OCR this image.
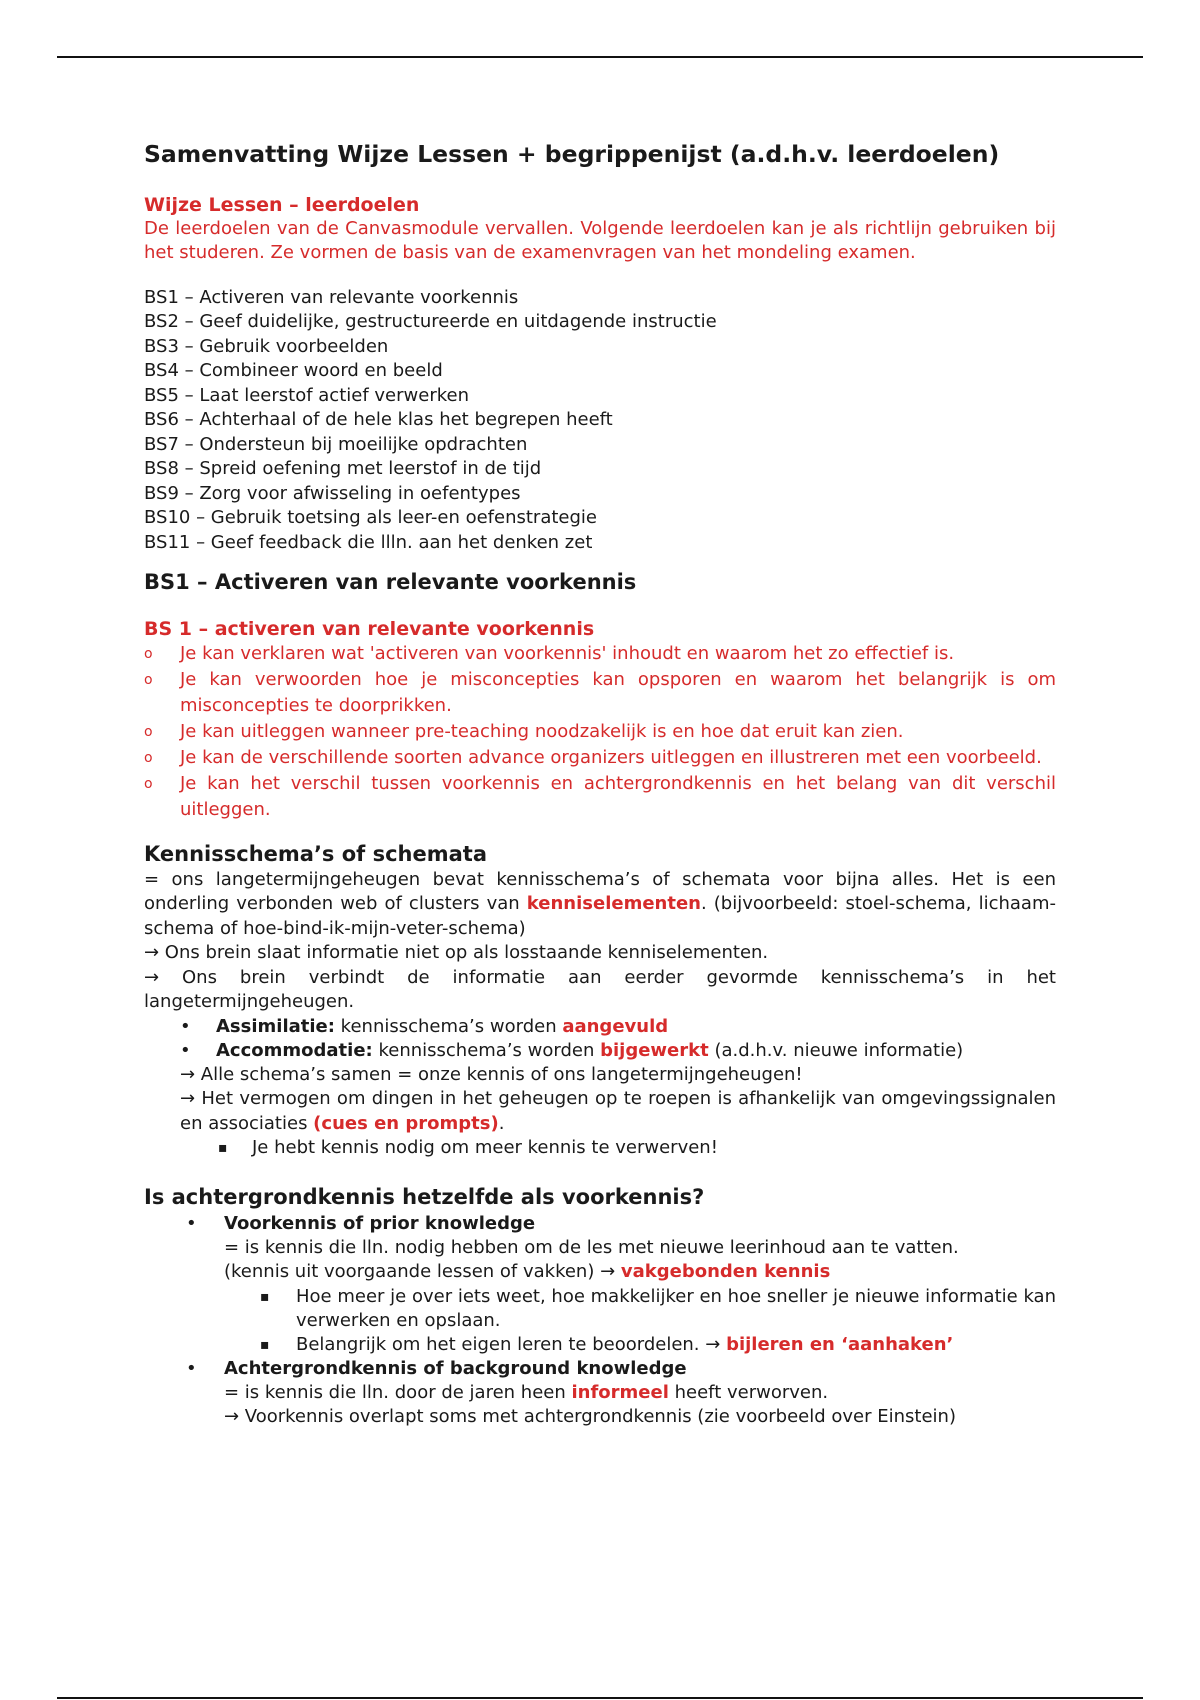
Samenvatting Wijze Lessen + begrippenijst (a.d.h.v. leerdoelen)
Wijze Lessen – leerdoelen
De leerdoelen van de Canvasmodule vervallen. Volgende leerdoelen kan je als richtlijn gebruiken bij het studeren. Ze vormen de basis van de examenvragen van het mondeling examen.
BS1 – Activeren van relevante voorkennis
BS2 – Geef duidelijke, gestructureerde en uitdagende instructie
BS3 – Gebruik voorbeelden
BS4 – Combineer woord en beeld
BS5 – Laat leerstof actief verwerken
BS6 – Achterhaal of de hele klas het begrepen heeft
BS7 – Ondersteun bij moeilijke opdrachten
BS8 – Spreid oefening met leerstof in de tijd
BS9 – Zorg voor afwisseling in oefentypes
BS10 – Gebruik toetsing als leer-en oefenstrategie
BS11 – Geef feedback die llln. aan het denken zet
BS1 – Activeren van relevante voorkennis
BS 1 – activeren van relevante voorkennis
o Je kan verklaren wat 'activeren van voorkennis' inhoudt en waarom het zo effectief is.
o Je kan verwoorden hoe je misconcepties kan opsporen en waarom het belangrijk is om misconcepties te doorprikken.
o Je kan uitleggen wanneer pre-teaching noodzakelijk is en hoe dat eruit kan zien.
o Je kan de verschillende soorten advance organizers uitleggen en illustreren met een voorbeeld.
o Je kan het verschil tussen voorkennis en achtergrondkennis en het belang van dit verschil uitleggen.
Kennisschema’s of schemata
= ons langetermijngeheugen bevat kennisschema’s of schemata voor bijna alles. Het is een onderling verbonden web of clusters van kenniselementen. (bijvoorbeeld: stoel-schema, lichaam-schema of hoe-bind-ik-mijn-veter-schema)
→ Ons brein slaat informatie niet op als losstaande kenniselementen.
→ Ons brein verbindt de informatie aan eerder gevormde kennisschema’s in het langetermijngeheugen.
• Assimilatie: kennisschema’s worden aangevuld
• Accommodatie: kennisschema’s worden bijgewerkt (a.d.h.v. nieuwe informatie)
→ Alle schema’s samen = onze kennis of ons langetermijngeheugen!
→ Het vermogen om dingen in het geheugen op te roepen is afhankelijk van omgevingssignalen en associaties (cues en prompts).
▪ Je hebt kennis nodig om meer kennis te verwerven!
Is achtergrondkennis hetzelfde als voorkennis?
• Voorkennis of prior knowledge
= is kennis die lln. nodig hebben om de les met nieuwe leerinhoud aan te vatten.
(kennis uit voorgaande lessen of vakken) → vakgebonden kennis
▪ Hoe meer je over iets weet, hoe makkelijker en hoe sneller je nieuwe informatie kan verwerken en opslaan.
▪ Belangrijk om het eigen leren te beoordelen. → bijleren en ‘aanhaken’
• Achtergrondkennis of background knowledge
= is kennis die lln. door de jaren heen informeel heeft verworven.
→ Voorkennis overlapt soms met achtergrondkennis (zie voorbeeld over Einstein)
